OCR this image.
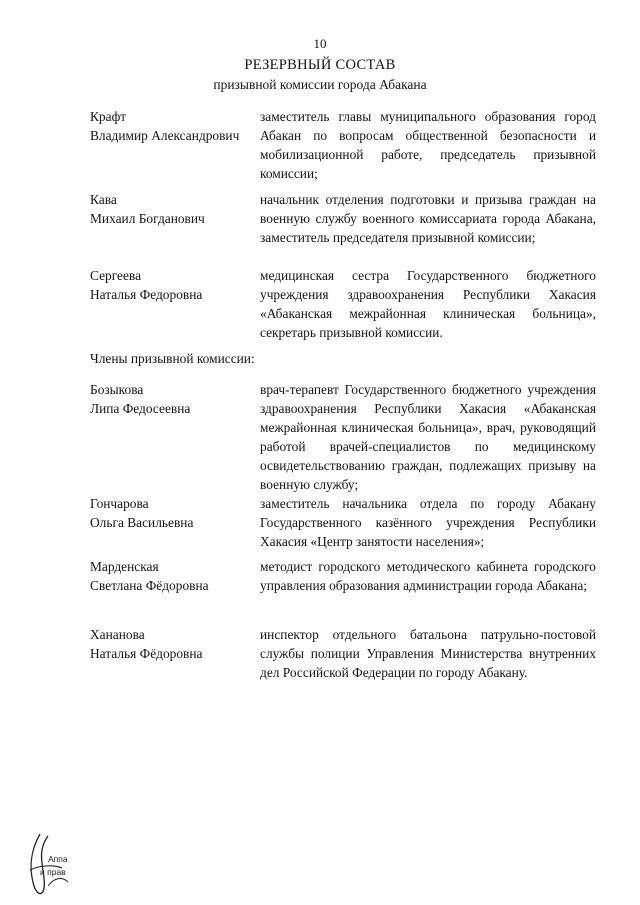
10
РЕЗЕРВНЫЙ СОСТАВ
призывной комиссии города Абакана
Крафт
Владимир Александрович
заместитель главы муниципального образования город Абакан по вопросам общественной безопасности и мобилизационной работе, председатель призывной комиссии;
Кава
Михаил Богданович
начальник отделения подготовки и призыва граждан на военную службу военного комиссариата города Абакана, заместитель председателя призывной комиссии;
Сергеева
Наталья Федоровна
медицинская сестра Государственного бюджетного учреждения здравоохранения Республики Хакасия «Абаканская межрайонная клиническая больница», секретарь призывной комиссии.
Члены призывной комиссии:
Бозыкова
Липа Федосеевна
врач-терапевт Государственного бюджетного учреждения здравоохранения Республики Хакасия «Абаканская межрайонная клиническая больница», врач, руководящий работой врачей-специалистов по медицинскому освидетельствованию граждан, подлежащих призыву на военную службу;
Гончарова
Ольга Васильевна
заместитель начальника отдела по городу Абакану Государственного казённого учреждения Республики Хакасия «Центр занятости населения»;
Марденская
Светлана Фёдоровна
методист городского методического кабинета городского управления образования администрации города Абакана;
Хананова
Наталья Фёдоровна
инспектор отдельного батальона патрульно-постовой службы полиции Управления Министерства внутренних дел Российской Федерации по городу Абакану.
Аппа
и прав
